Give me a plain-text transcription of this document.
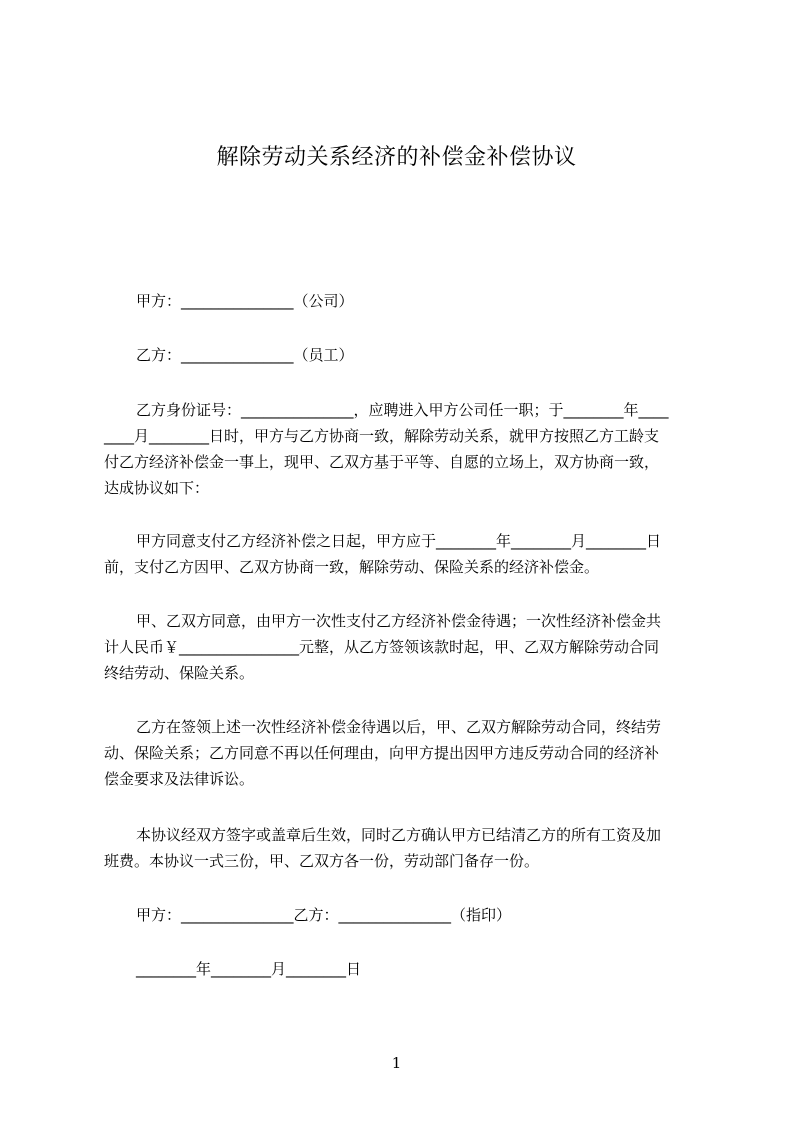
解除劳动关系经济的补偿金补偿协议
甲方：_______________（公司）
乙方：_______________（员工）
乙方身份证号：_______________，应聘进入甲方公司任一职；于________年____
____月________日时，甲方与乙方协商一致，解除劳动关系，就甲方按照乙方工龄支
付乙方经济补偿金一事上，现甲、乙双方基于平等、自愿的立场上，双方协商一致，
达成协议如下：
甲方同意支付乙方经济补偿之日起，甲方应于________年________月________日
前，支付乙方因甲、乙双方协商一致，解除劳动、保险关系的经济补偿金。
甲、乙双方同意，由甲方一次性支付乙方经济补偿金待遇；一次性经济补偿金共
计人民币￥________________元整，从乙方签领该款时起，甲、乙双方解除劳动合同
终结劳动、保险关系。
乙方在签领上述一次性经济补偿金待遇以后，甲、乙双方解除劳动合同，终结劳
动、保险关系；乙方同意不再以任何理由，向甲方提出因甲方违反劳动合同的经济补
偿金要求及法律诉讼。
本协议经双方签字或盖章后生效，同时乙方确认甲方已结清乙方的所有工资及加
班费。本协议一式三份，甲、乙双方各一份，劳动部门备存一份。
甲方：_______________乙方：_______________（指印）
________年________月________日
1
